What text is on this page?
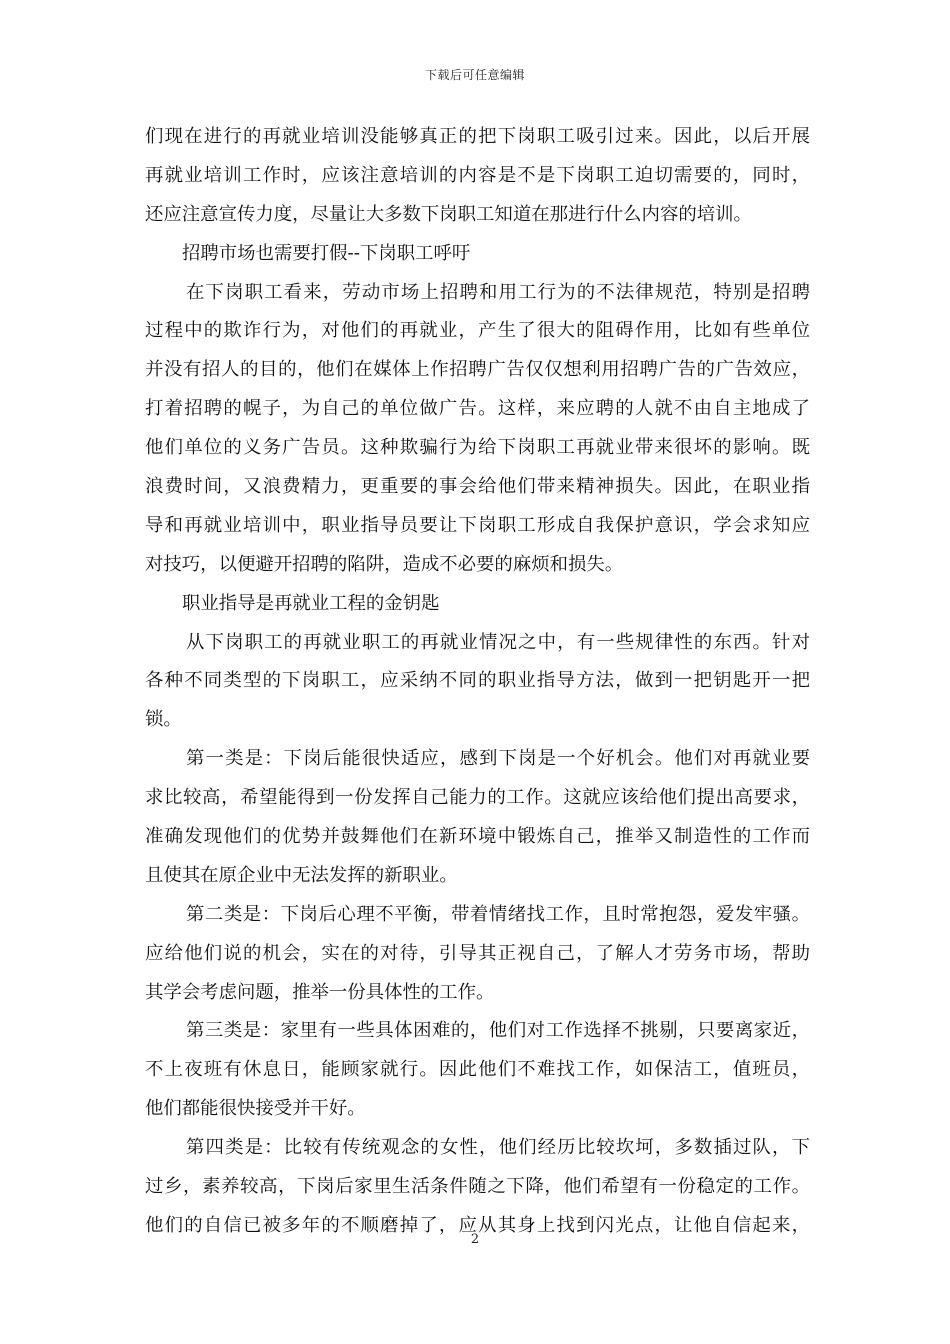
下载后可任意编辑
们现在进行的再就业培训没能够真正的把下岗职工吸引过来。因此，以后开展
再就业培训工作时，应该注意培训的内容是不是下岗职工迫切需要的，同时，
还应注意宣传力度，尽量让大多数下岗职工知道在那进行什么内容的培训。
招聘市场也需要打假--下岗职工呼吁
在下岗职工看来，劳动市场上招聘和用工行为的不法律规范，特别是招聘
过程中的欺诈行为，对他们的再就业，产生了很大的阻碍作用，比如有些单位
并没有招人的目的，他们在媒体上作招聘广告仅仅想利用招聘广告的广告效应，
打着招聘的幌子，为自己的单位做广告。这样，来应聘的人就不由自主地成了
他们单位的义务广告员。这种欺骗行为给下岗职工再就业带来很坏的影响。既
浪费时间，又浪费精力，更重要的事会给他们带来精神损失。因此，在职业指
导和再就业培训中，职业指导员要让下岗职工形成自我保护意识，学会求知应
对技巧，以便避开招聘的陷阱，造成不必要的麻烦和损失。
职业指导是再就业工程的金钥匙
从下岗职工的再就业职工的再就业情况之中，有一些规律性的东西。针对
各种不同类型的下岗职工，应采纳不同的职业指导方法，做到一把钥匙开一把
锁。
第一类是：下岗后能很快适应，感到下岗是一个好机会。他们对再就业要
求比较高，希望能得到一份发挥自己能力的工作。这就应该给他们提出高要求，
准确发现他们的优势并鼓舞他们在新环境中锻炼自己，推举又制造性的工作而
且使其在原企业中无法发挥的新职业。
第二类是：下岗后心理不平衡，带着情绪找工作，且时常抱怨，爱发牢骚。
应给他们说的机会，实在的对待，引导其正视自己，了解人才劳务市场，帮助
其学会考虑问题，推举一份具体性的工作。
第三类是：家里有一些具体困难的，他们对工作选择不挑剔，只要离家近，
不上夜班有休息日，能顾家就行。因此他们不难找工作，如保洁工，值班员，
他们都能很快接受并干好。
第四类是：比较有传统观念的女性，他们经历比较坎坷，多数插过队，下
过乡，素养较高，下岗后家里生活条件随之下降，他们希望有一份稳定的工作。
他们的自信已被多年的不顺磨掉了，应从其身上找到闪光点，让他自信起来，
2
